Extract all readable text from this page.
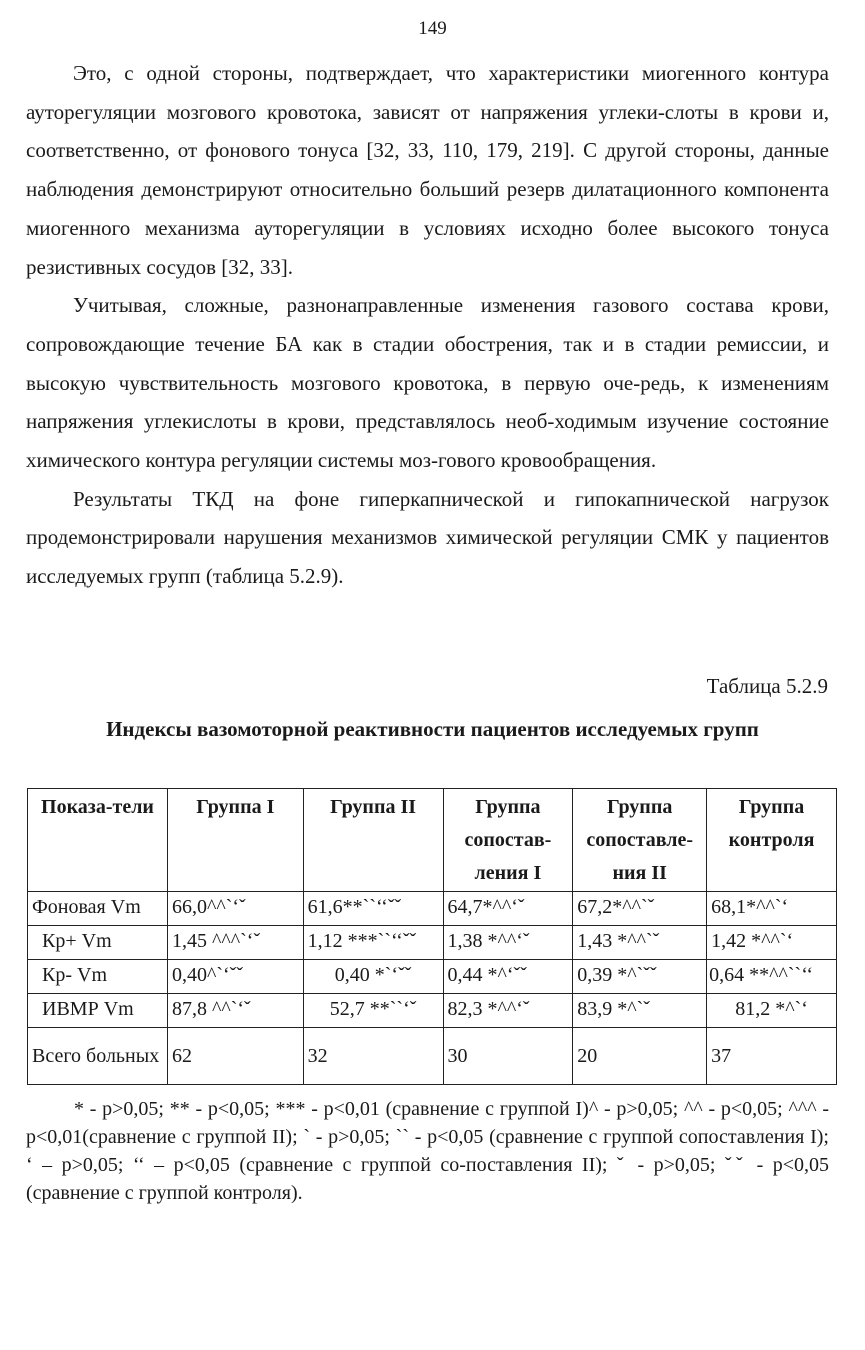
149

Это, с одной стороны, подтверждает, что характеристики миогенного контура ауторегуляции мозгового кровотока, зависят от напряжения углеки-слоты в крови и, соответственно, от фонового тонуса [32, 33, 110, 179, 219]. С другой стороны, данные наблюдения демонстрируют относительно больший резерв дилатационного компонента миогенного механизма ауторегуляции в условиях исходно более высокого тонуса резистивных сосудов [32, 33].

Учитывая, сложные, разнонаправленные изменения газового состава крови, сопровождающие течение БА как в стадии обострения, так и в стадии ремиссии, и высокую чувствительность мозгового кровотока, в первую оче-редь, к изменениям напряжения углекислоты в крови, представлялось необ-ходимым изучение состояние химического контура регуляции системы моз-гового кровообращения.

Результаты ТКД на фоне гиперкапнической и гипокапнической нагрузок продемонстрировали нарушения механизмов химической регуляции СМК у пациентов исследуемых групп (таблица 5.2.9).

Таблица 5.2.9
Индексы вазомоторной реактивности пациентов исследуемых групп
Показа-тели	Группа I	Группа II	Группа сопостав-ления I	Группа сопоставле-ния II	Группа контроля
Фоновая Vm	66,0^^`‘ˇ	61,6**``‘‘ˇˇ	64,7*^^‘ˇ	67,2*^^`ˇ	68,1*^^`‘
Кр+ Vm	1,45 ^^^`‘ˇ	1,12 ***``‘‘ˇˇ	1,38 *^^‘ˇ	1,43 *^^`ˇ	1,42 *^^`‘
Кр- Vm	0,40^`‘ˇˇ	0,40 *`‘ˇˇ	0,44 *^‘ˇˇ	0,39 *^`ˇˇ	0,64 **^^``‘‘
ИВМР Vm	87,8 ^^`‘ˇ	52,7 **``‘ˇ	82,3 *^^‘ˇ	83,9 *^`ˇ	81,2 *^`‘
Всего больных	62	32	30	20	37

* - р>0,05; ** - р<0,05; *** - р<0,01 (сравнение с группой I)^ - р>0,05; ^^ - р<0,05; ^^^ - р<0,01(сравнение с группой II); ` - р>0,05; `` - р<0,05 (сравнение с группой сопоставления I); ‘ – р>0,05; ‘‘ – р<0,05 (сравнение с группой со-поставления II); ˇ - р>0,05; ˇˇ - р<0,05 (сравнение с группой контроля).
